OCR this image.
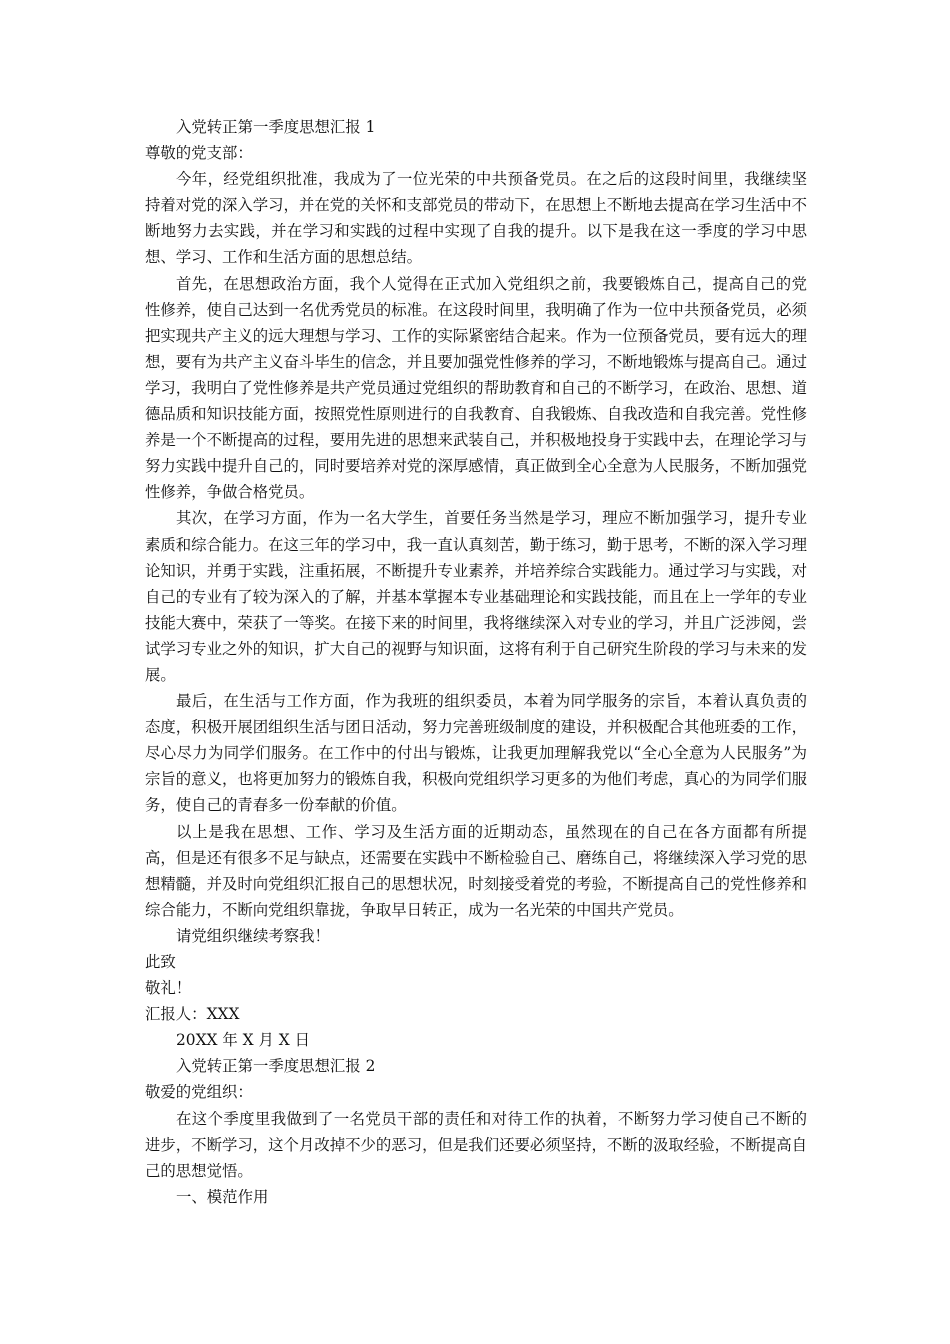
入党转正第一季度思想汇报 1

尊敬的党支部：

今年，经党组织批准，我成为了一位光荣的中共预备党员。在之后的这段时间里，我继续坚持着对党的深入学习，并在党的关怀和支部党员的带动下，在思想上不断地去提高在学习生活中不断地努力去实践，并在学习和实践的过程中实现了自我的提升。以下是我在这一季度的学习中思想、学习、工作和生活方面的思想总结。

首先，在思想政治方面，我个人觉得在正式加入党组织之前，我要锻炼自己，提高自己的党性修养，使自己达到一名优秀党员的标准。在这段时间里，我明确了作为一位中共预备党员，必须把实现共产主义的远大理想与学习、工作的实际紧密结合起来。作为一位预备党员，要有远大的理想，要有为共产主义奋斗毕生的信念，并且要加强党性修养的学习，不断地锻炼与提高自己。通过学习，我明白了党性修养是共产党员通过党组织的帮助教育和自己的不断学习，在政治、思想、道德品质和知识技能方面，按照党性原则进行的自我教育、自我锻炼、自我改造和自我完善。党性修养是一个不断提高的过程，要用先进的思想来武装自己，并积极地投身于实践中去，在理论学习与努力实践中提升自己的，同时要培养对党的深厚感情，真正做到全心全意为人民服务，不断加强党性修养，争做合格党员。

其次，在学习方面，作为一名大学生，首要任务当然是学习，理应不断加强学习，提升专业素质和综合能力。在这三年的学习中，我一直认真刻苦，勤于练习，勤于思考，不断的深入学习理论知识，并勇于实践，注重拓展，不断提升专业素养，并培养综合实践能力。通过学习与实践，对自己的专业有了较为深入的了解，并基本掌握本专业基础理论和实践技能，而且在上一学年的专业技能大赛中，荣获了一等奖。在接下来的时间里，我将继续深入对专业的学习，并且广泛涉阅，尝试学习专业之外的知识，扩大自己的视野与知识面，这将有利于自己研究生阶段的学习与未来的发展。

最后，在生活与工作方面，作为我班的组织委员，本着为同学服务的宗旨，本着认真负责的态度，积极开展团组织生活与团日活动，努力完善班级制度的建设，并积极配合其他班委的工作，尽心尽力为同学们服务。在工作中的付出与锻炼，让我更加理解我党以“全心全意为人民服务”为宗旨的意义，也将更加努力的锻炼自我，积极向党组织学习更多的为他们考虑，真心的为同学们服务，使自己的青春多一份奉献的价值。

以上是我在思想、工作、学习及生活方面的近期动态，虽然现在的自己在各方面都有所提高，但是还有很多不足与缺点，还需要在实践中不断检验自己、磨练自己，将继续深入学习党的思想精髓，并及时向党组织汇报自己的思想状况，时刻接受着党的考验，不断提高自己的党性修养和综合能力，不断向党组织靠拢，争取早日转正，成为一名光荣的中国共产党员。

请党组织继续考察我！

此致

敬礼！

汇报人：XXX

20XX 年 X 月 X 日

入党转正第一季度思想汇报 2

敬爱的党组织：

在这个季度里我做到了一名党员干部的责任和对待工作的执着，不断努力学习使自己不断的进步，不断学习，这个月改掉不少的恶习，但是我们还要必须坚持，不断的汲取经验，不断提高自己的思想觉悟。

一、模范作用
